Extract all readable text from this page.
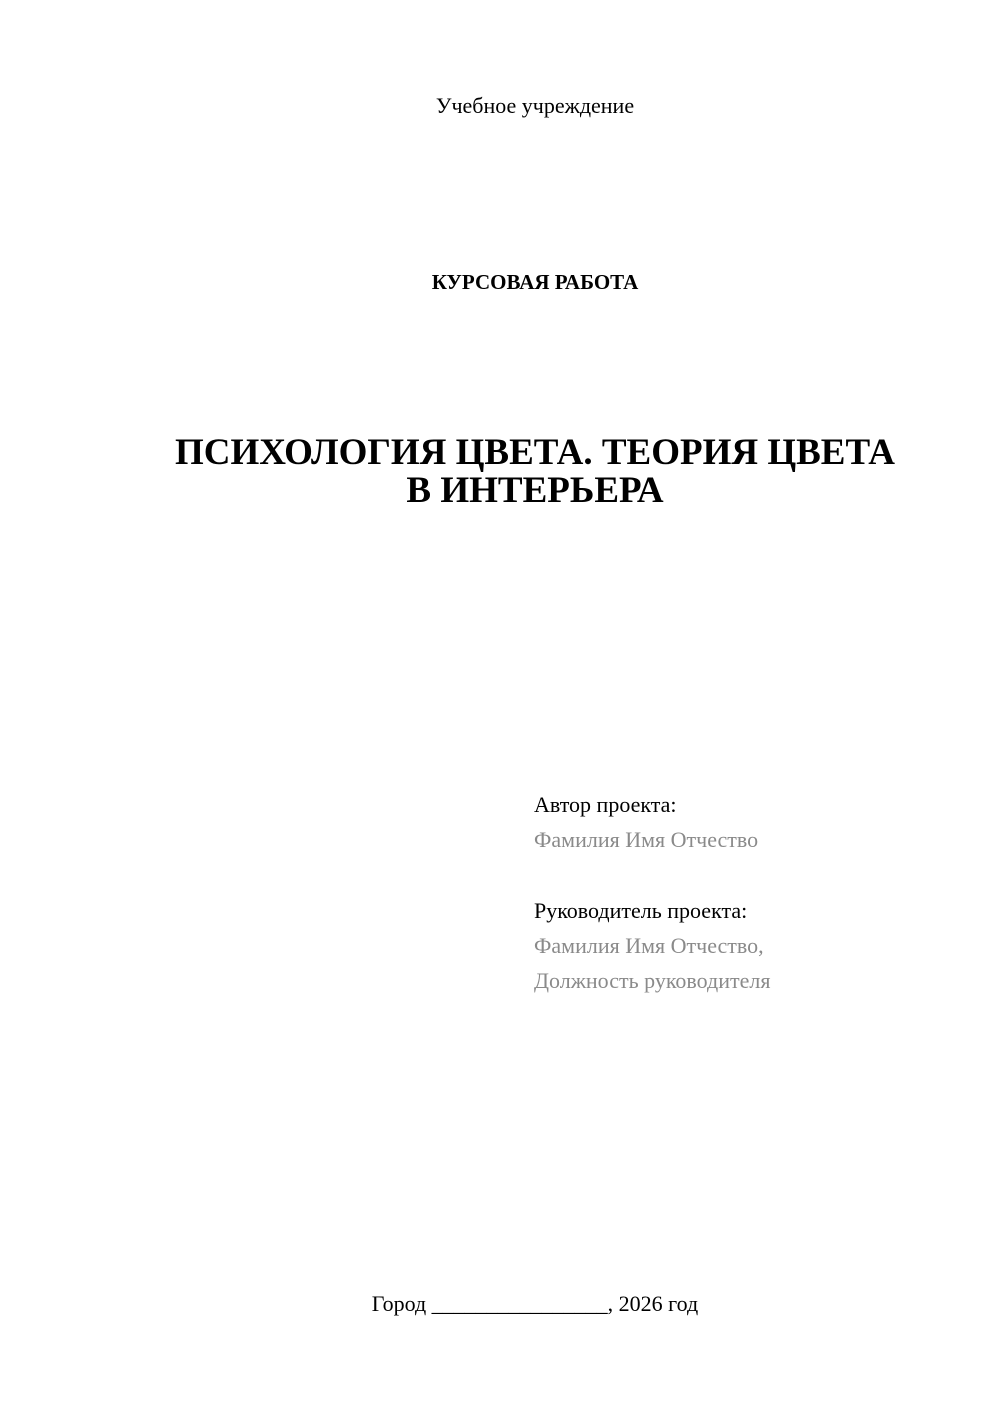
Учебное учреждение
КУРСОВАЯ РАБОТА
ПСИХОЛОГИЯ ЦВЕТА. ТЕОРИЯ ЦВЕТА
В ИНТЕРЬЕРА
Автор проекта:
Фамилия Имя Отчество
Руководитель проекта:
Фамилия Имя Отчество,
Должность руководителя
Город ________________, 2026 год
